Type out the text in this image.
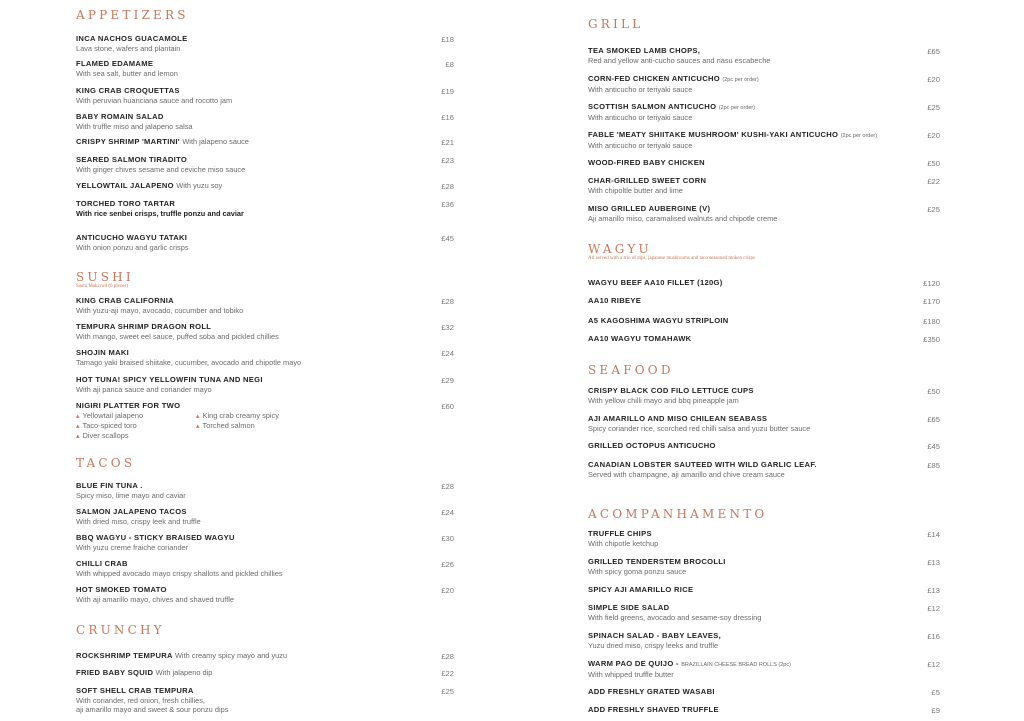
APPETIZERS
INCA NACHOS GUACAMOLE
Lava stone, wafers and plantain
£18
FLAMED EDAMAME
With sea salt, butter and lemon
£8
KING CRAB CROQUETTAS
With peruvian huanciana sauce and rocotto jam
£19
BABY ROMAIN SALAD
With truffle miso and jalapeno salsa
£16
CRISPY SHRIMP 'MARTINI' With jalapeno sauce	£21
SEARED SALMON TIRADITO
With ginger chives sesame and ceviche miso sauce
£23
YELLOWTAIL JALAPENO With yuzu soy	£28
TORCHED TORO TARTAR
With rice senbei crisps, truffle ponzu and caviar
£36
ANTICUCHO WAGYU TATAKI
With onion ponzu and garlic crisps
£45
SUSHI
Sushi Maki roll (6 pieces)
KING CRAB CALIFORNIA
With yuzu-aji mayo, avocado, cucumber and tobiko
£28
TEMPURA SHRIMP DRAGON ROLL
With mango, sweet eel sauce, puffed soba and pickled chillies
£32
SHOJIN MAKI
Tamago yaki braised shiitake, cucumber, avocado and chipotle mayo
£24
HOT TUNA! SPICY YELLOWFIN TUNA AND NEGI
With aji panca sauce and coriander mayo
£29
NIGIRI PLATTER FOR TWO
▴ Yellowtail jalapeno	▴ King crab creamy spicy
▴ Taco-spiced toro	▴ Torched salmon
▴ Diver scallops
£60
TACOS
BLUE FIN TUNA .
Spicy miso, lime mayo and caviar
£28
SALMON JALAPENO TACOS
With dried miso, crispy leek and truffle
£24
BBQ WAGYU - STICKY BRAISED WAGYU
With yuzu creme fraiche coriander
£30
CHILLI CRAB
With whipped avocado mayo crispy shallots and pickled chillies
£26
HOT SMOKED TOMATO
With aji amarillo mayo, chives and shaved truffle
£20
CRUNCHY
ROCKSHRIMP TEMPURA With creamy spicy mayo and yuzu	£28
FRIED BABY SQUID With jalapeno dip	£22
SOFT SHELL CRAB TEMPURA
With coriander, red onion, fresh chillies,
aji amarillo mayo and sweet & sour ponzu dips
£25
GRILL
TEA SMOKED LAMB CHOPS,
Red and yellow anti-cucho sauces and nasu escabeche
£65
CORN-FED CHICKEN ANTICUCHO (2pc per order)
With anticucho or teriyaki sauce
£20
SCOTTISH SALMON ANTICUCHO (2pc per order)
With anticucho or teriyaki sauce
£25
FABLE 'MEATY SHIITAKE MUSHROOM' KUSHI-YAKI ANTICUCHO (2pc per order)
With anticucho or teriyaki sauce
£20
WOOD-FIRED BABY CHICKEN	£50
CHAR-GRILLED SWEET CORN
With chipoltle butter and lime
£22
MISO GRILLED AUBERGINE (V)
Aji amarillo miso, caramalised walnuts and chipotle creme
£25
WAGYU
All served with a trio of dips, japanese mushrooms and taco seasoned mnken crisps
WAGYU BEEF AA10 FILLET (120G)	£120
AA10 RIBEYE	£170
A5 KAGOSHIMA WAGYU STRIPLOIN	£180
AA10 WAGYU TOMAHAWK	£350
SEAFOOD
CRISPY BLACK COD FILO LETTUCE CUPS
With yellow chilli mayo and bbq pineapple jam
£50
AJI AMARILLO AND MISO CHILEAN SEABASS
Spicy coriander rice, scorched red chilli salsa and yuzu butter sauce
£65
GRILLED OCTOPUS ANTICUCHO	£45
CANADIAN LOBSTER SAUTEED WITH WILD GARLIC LEAF.
Served with champagne, aji amarillo and chive cream sauce
£85
ACOMPANHAMENTO
TRUFFLE CHIPS
With chipotle ketchup
£14
GRILLED TENDERSTEM BROCOLLI
With spicy goma ponzu sauce
£13
SPICY AJI AMARILLO RICE	£13
SIMPLE SIDE SALAD
With field greens, avocado and sesame-soy dressing
£12
SPINACH SALAD - BABY LEAVES,
Yuzu dried miso, crispy leeks and truffle
£16
WARM PAO DE QUIJO - BRAZILLAIN CHEESE BREAD ROLLS (2pc)
With whipped truffle butter
£12
ADD FRESHLY GRATED WASABI	£5
ADD FRESHLY SHAVED TRUFFLE	£9
